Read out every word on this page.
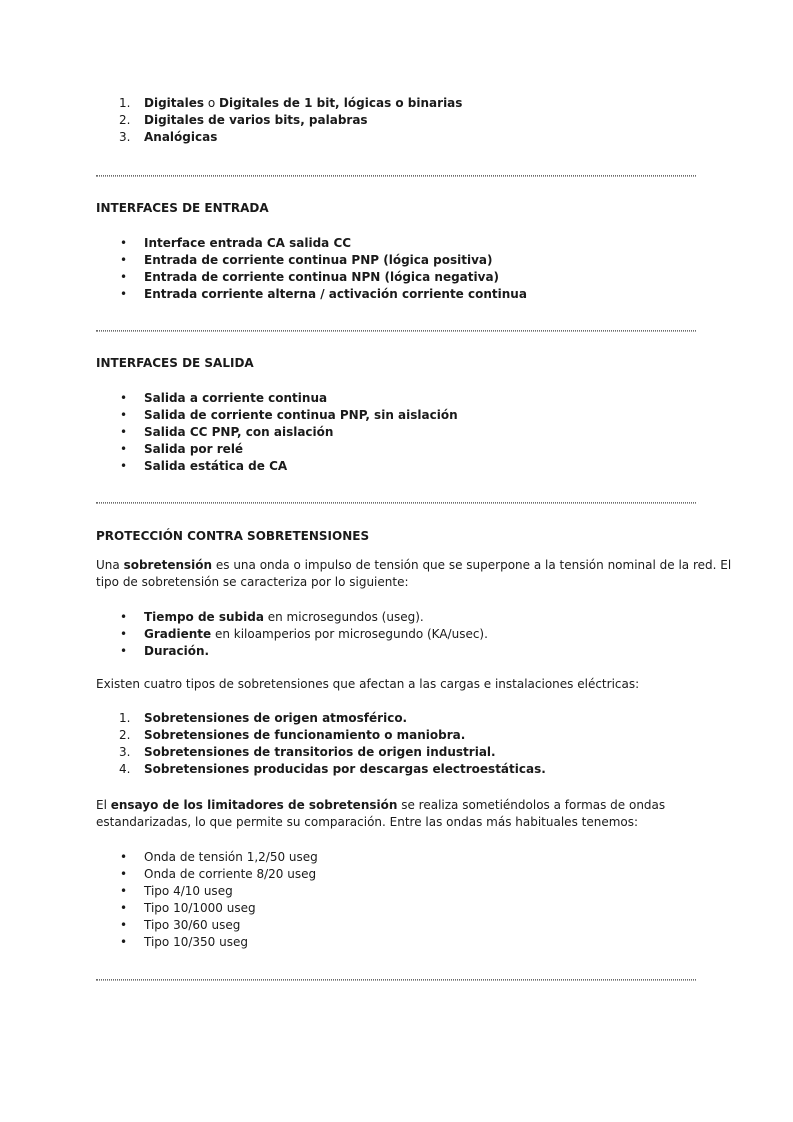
1.	Digitales o Digitales de 1 bit, lógicas o binarias
2.	Digitales de varios bits, palabras
3.	Analógicas
INTERFACES DE ENTRADA
•	Interface entrada CA salida CC
•	Entrada de corriente continua PNP (lógica positiva)
•	Entrada de corriente continua NPN (lógica negativa)
•	Entrada corriente alterna / activación corriente continua
INTERFACES DE SALIDA
•	Salida a corriente continua
•	Salida de corriente continua PNP, sin aislación
•	Salida CC PNP, con aislación
•	Salida por relé
•	Salida estática de CA
PROTECCIÓN CONTRA SOBRETENSIONES
Una sobretensión es una onda o impulso de tensión que se superpone a la tensión nominal de la red. El
tipo de sobretensión se caracteriza por lo siguiente:
•	Tiempo de subida en microsegundos (useg).
•	Gradiente en kiloamperios por microsegundo (KA/usec).
•	Duración.
Existen cuatro tipos de sobretensiones que afectan a las cargas e instalaciones eléctricas:
1.	Sobretensiones de origen atmosférico.
2.	Sobretensiones de funcionamiento o maniobra.
3.	Sobretensiones de transitorios de origen industrial.
4.	Sobretensiones producidas por descargas electroestáticas.
El ensayo de los limitadores de sobretensión se realiza sometiéndolos a formas de ondas
estandarizadas, lo que permite su comparación. Entre las ondas más habituales tenemos:
•	Onda de tensión 1,2/50 useg
•	Onda de corriente 8/20 useg
•	Tipo 4/10 useg
•	Tipo 10/1000 useg
•	Tipo 30/60 useg
•	Tipo 10/350 useg
